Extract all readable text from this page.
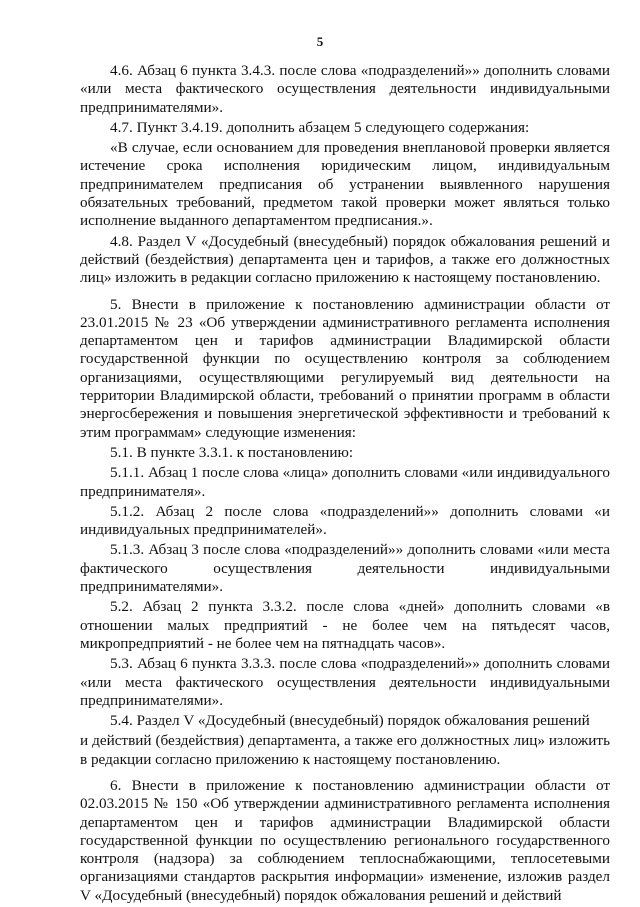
5

4.6. Абзац 6 пункта 3.4.3. после слова «подразделений»» дополнить словами «или места фактического осуществления деятельности индивидуальными предпринимателями».

4.7. Пункт 3.4.19. дополнить абзацем 5 следующего содержания:

«В случае, если основанием для проведения внеплановой проверки является истечение срока исполнения юридическим лицом, индивидуальным предпринимателем предписания об устранении выявленного нарушения обязательных требований, предметом такой проверки может являться только исполнение выданного департаментом предписания.».

4.8. Раздел V «Досудебный (внесудебный) порядок обжалования решений и действий (бездействия) департамента цен и тарифов, а также его должностных лиц» изложить в редакции согласно приложению к настоящему постановлению.

5. Внести в приложение к постановлению администрации области от 23.01.2015 № 23 «Об утверждении административного регламента исполнения департаментом цен и тарифов администрации Владимирской области государственной функции по осуществлению контроля за соблюдением организациями, осуществляющими регулируемый вид деятельности на территории Владимирской области, требований о принятии программ в области энергосбережения и повышения энергетической эффективности и требований к этим программам» следующие изменения:

5.1. В пункте 3.3.1. к постановлению:

5.1.1. Абзац 1 после слова «лица» дополнить словами «или индивидуального предпринимателя».

5.1.2. Абзац 2 после слова «подразделений»» дополнить словами «и индивидуальных предпринимателей».

5.1.3. Абзац 3 после слова «подразделений»» дополнить словами «или места фактического осуществления деятельности индивидуальными предпринимателями».

5.2. Абзац 2 пункта 3.3.2. после слова «дней» дополнить словами «в отношении малых предприятий - не более чем на пятьдесят часов, микропредприятий - не более чем на пятнадцать часов».

5.3. Абзац 6 пункта 3.3.3. после слова «подразделений»» дополнить словами «или места фактического осуществления деятельности индивидуальными предпринимателями».

5.4. Раздел V «Досудебный (внесудебный) порядок обжалования решений

и действий (бездействия) департамента, а также его должностных лиц» изложить в редакции согласно приложению к настоящему постановлению.

6. Внести в приложение к постановлению администрации области от 02.03.2015 № 150 «Об утверждении административного регламента исполнения департаментом цен и тарифов администрации Владимирской области государственной функции по осуществлению регионального государственного контроля (надзора) за соблюдением теплоснабжающими, теплосетевыми организациями стандартов раскрытия информации» изменение, изложив раздел V «Досудебный (внесудебный) порядок обжалования решений и действий
